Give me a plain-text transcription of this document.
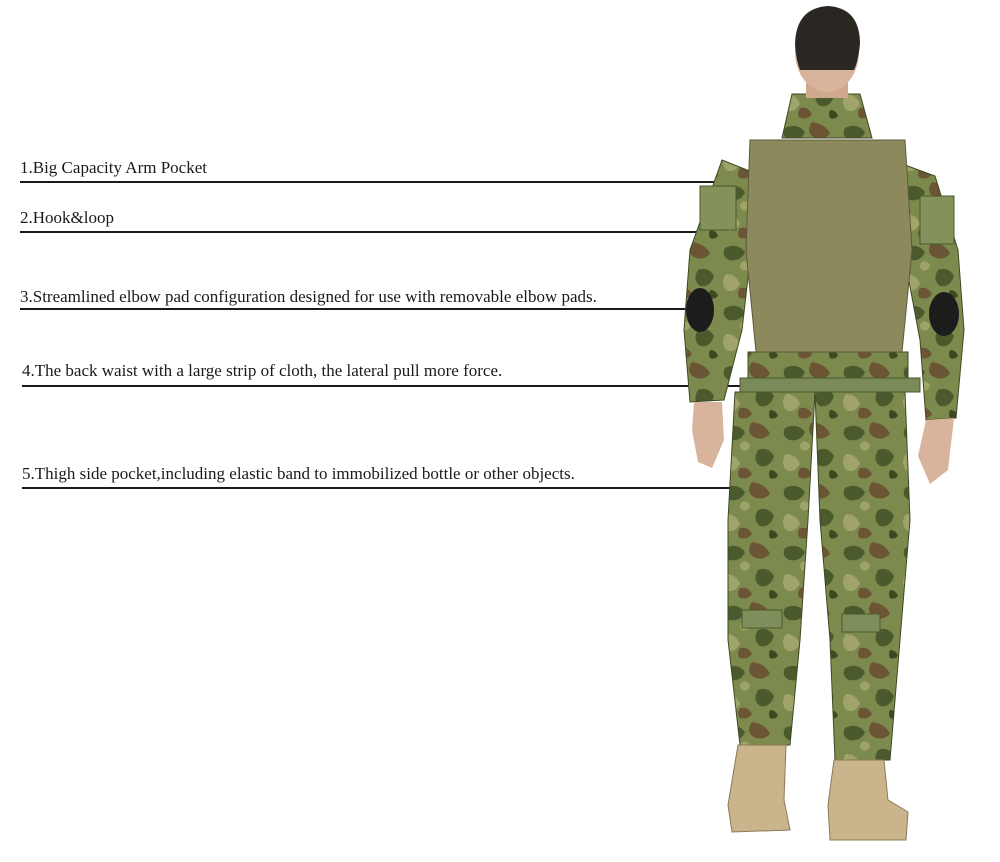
1.Big Capacity Arm Pocket
2.Hook&loop
3.Streamlined elbow pad configuration designed for use with removable elbow pads.
4.The back waist with a large strip of cloth, the lateral pull more force.
5.Thigh side pocket,including elastic band to immobilized bottle or other objects.
